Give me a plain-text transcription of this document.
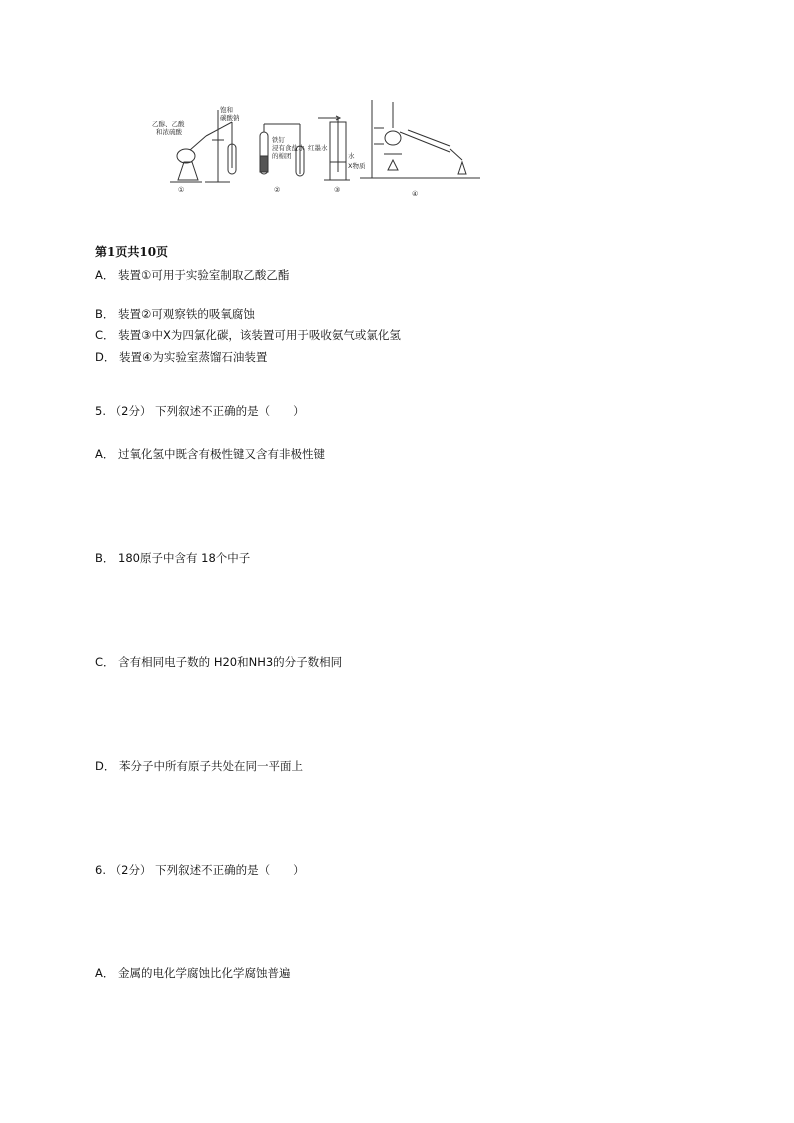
乙醇、乙酸
和浓硫酸
饱和
碳酸钠
①
铁钉
浸有食盐水
的棉团
红墨水
②
水
X物质
③	④
第1页共10页
A． 装置①可用于实验室制取乙酸乙酯
B． 装置②可观察铁的吸氧腐蚀
C． 装置③中X为四氯化碳，该装置可用于吸收氨气或氯化氢
D． 装置④为实验室蒸馏石油装置
5. （2分） 下列叙述不正确的是（　　）
A． 过氧化氢中既含有极性键又含有非极性键
B． 180原子中含有 18个中子
C． 含有相同电子数的 H20和NH3的分子数相同
D． 苯分子中所有原子共处在同一平面上
6. （2分） 下列叙述不正确的是（　　）
A． 金属的电化学腐蚀比化学腐蚀普遍
